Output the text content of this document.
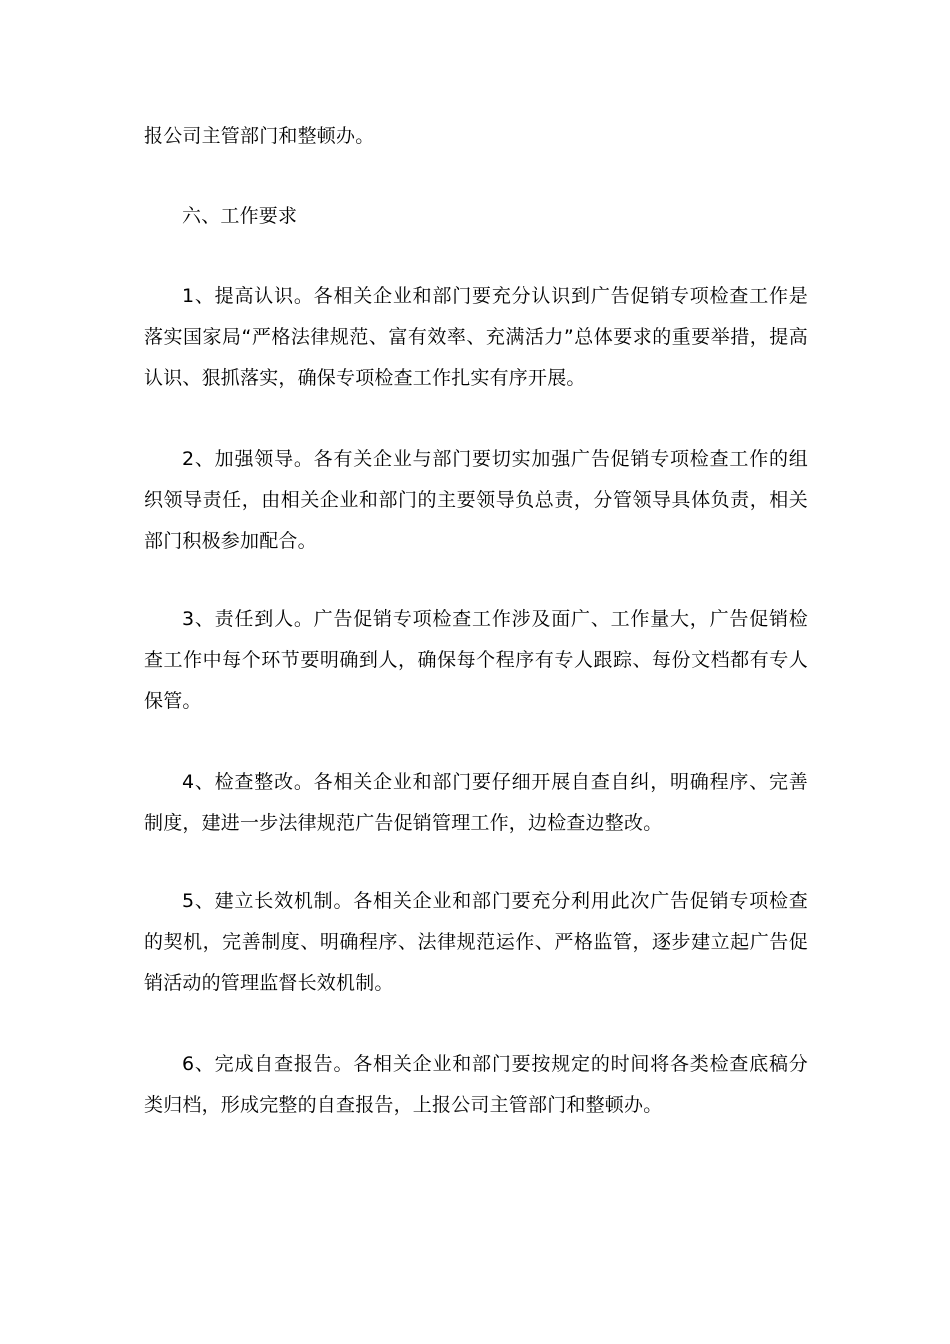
报公司主管部门和整顿办。

六、工作要求

1、提高认识。各相关企业和部门要充分认识到广告促销专项检查工作是落实国家局“严格法律规范、富有效率、充满活力”总体要求的重要举措，提高认识、狠抓落实，确保专项检查工作扎实有序开展。

2、加强领导。各有关企业与部门要切实加强广告促销专项检查工作的组织领导责任，由相关企业和部门的主要领导负总责，分管领导具体负责，相关部门积极参加配合。

3、责任到人。广告促销专项检查工作涉及面广、工作量大，广告促销检查工作中每个环节要明确到人，确保每个程序有专人跟踪、每份文档都有专人保管。

4、检查整改。各相关企业和部门要仔细开展自查自纠，明确程序、完善制度，建进一步法律规范广告促销管理工作，边检查边整改。

5、建立长效机制。各相关企业和部门要充分利用此次广告促销专项检查的契机，完善制度、明确程序、法律规范运作、严格监管，逐步建立起广告促销活动的管理监督长效机制。

6、完成自查报告。各相关企业和部门要按规定的时间将各类检查底稿分类归档，形成完整的自查报告，上报公司主管部门和整顿办。
